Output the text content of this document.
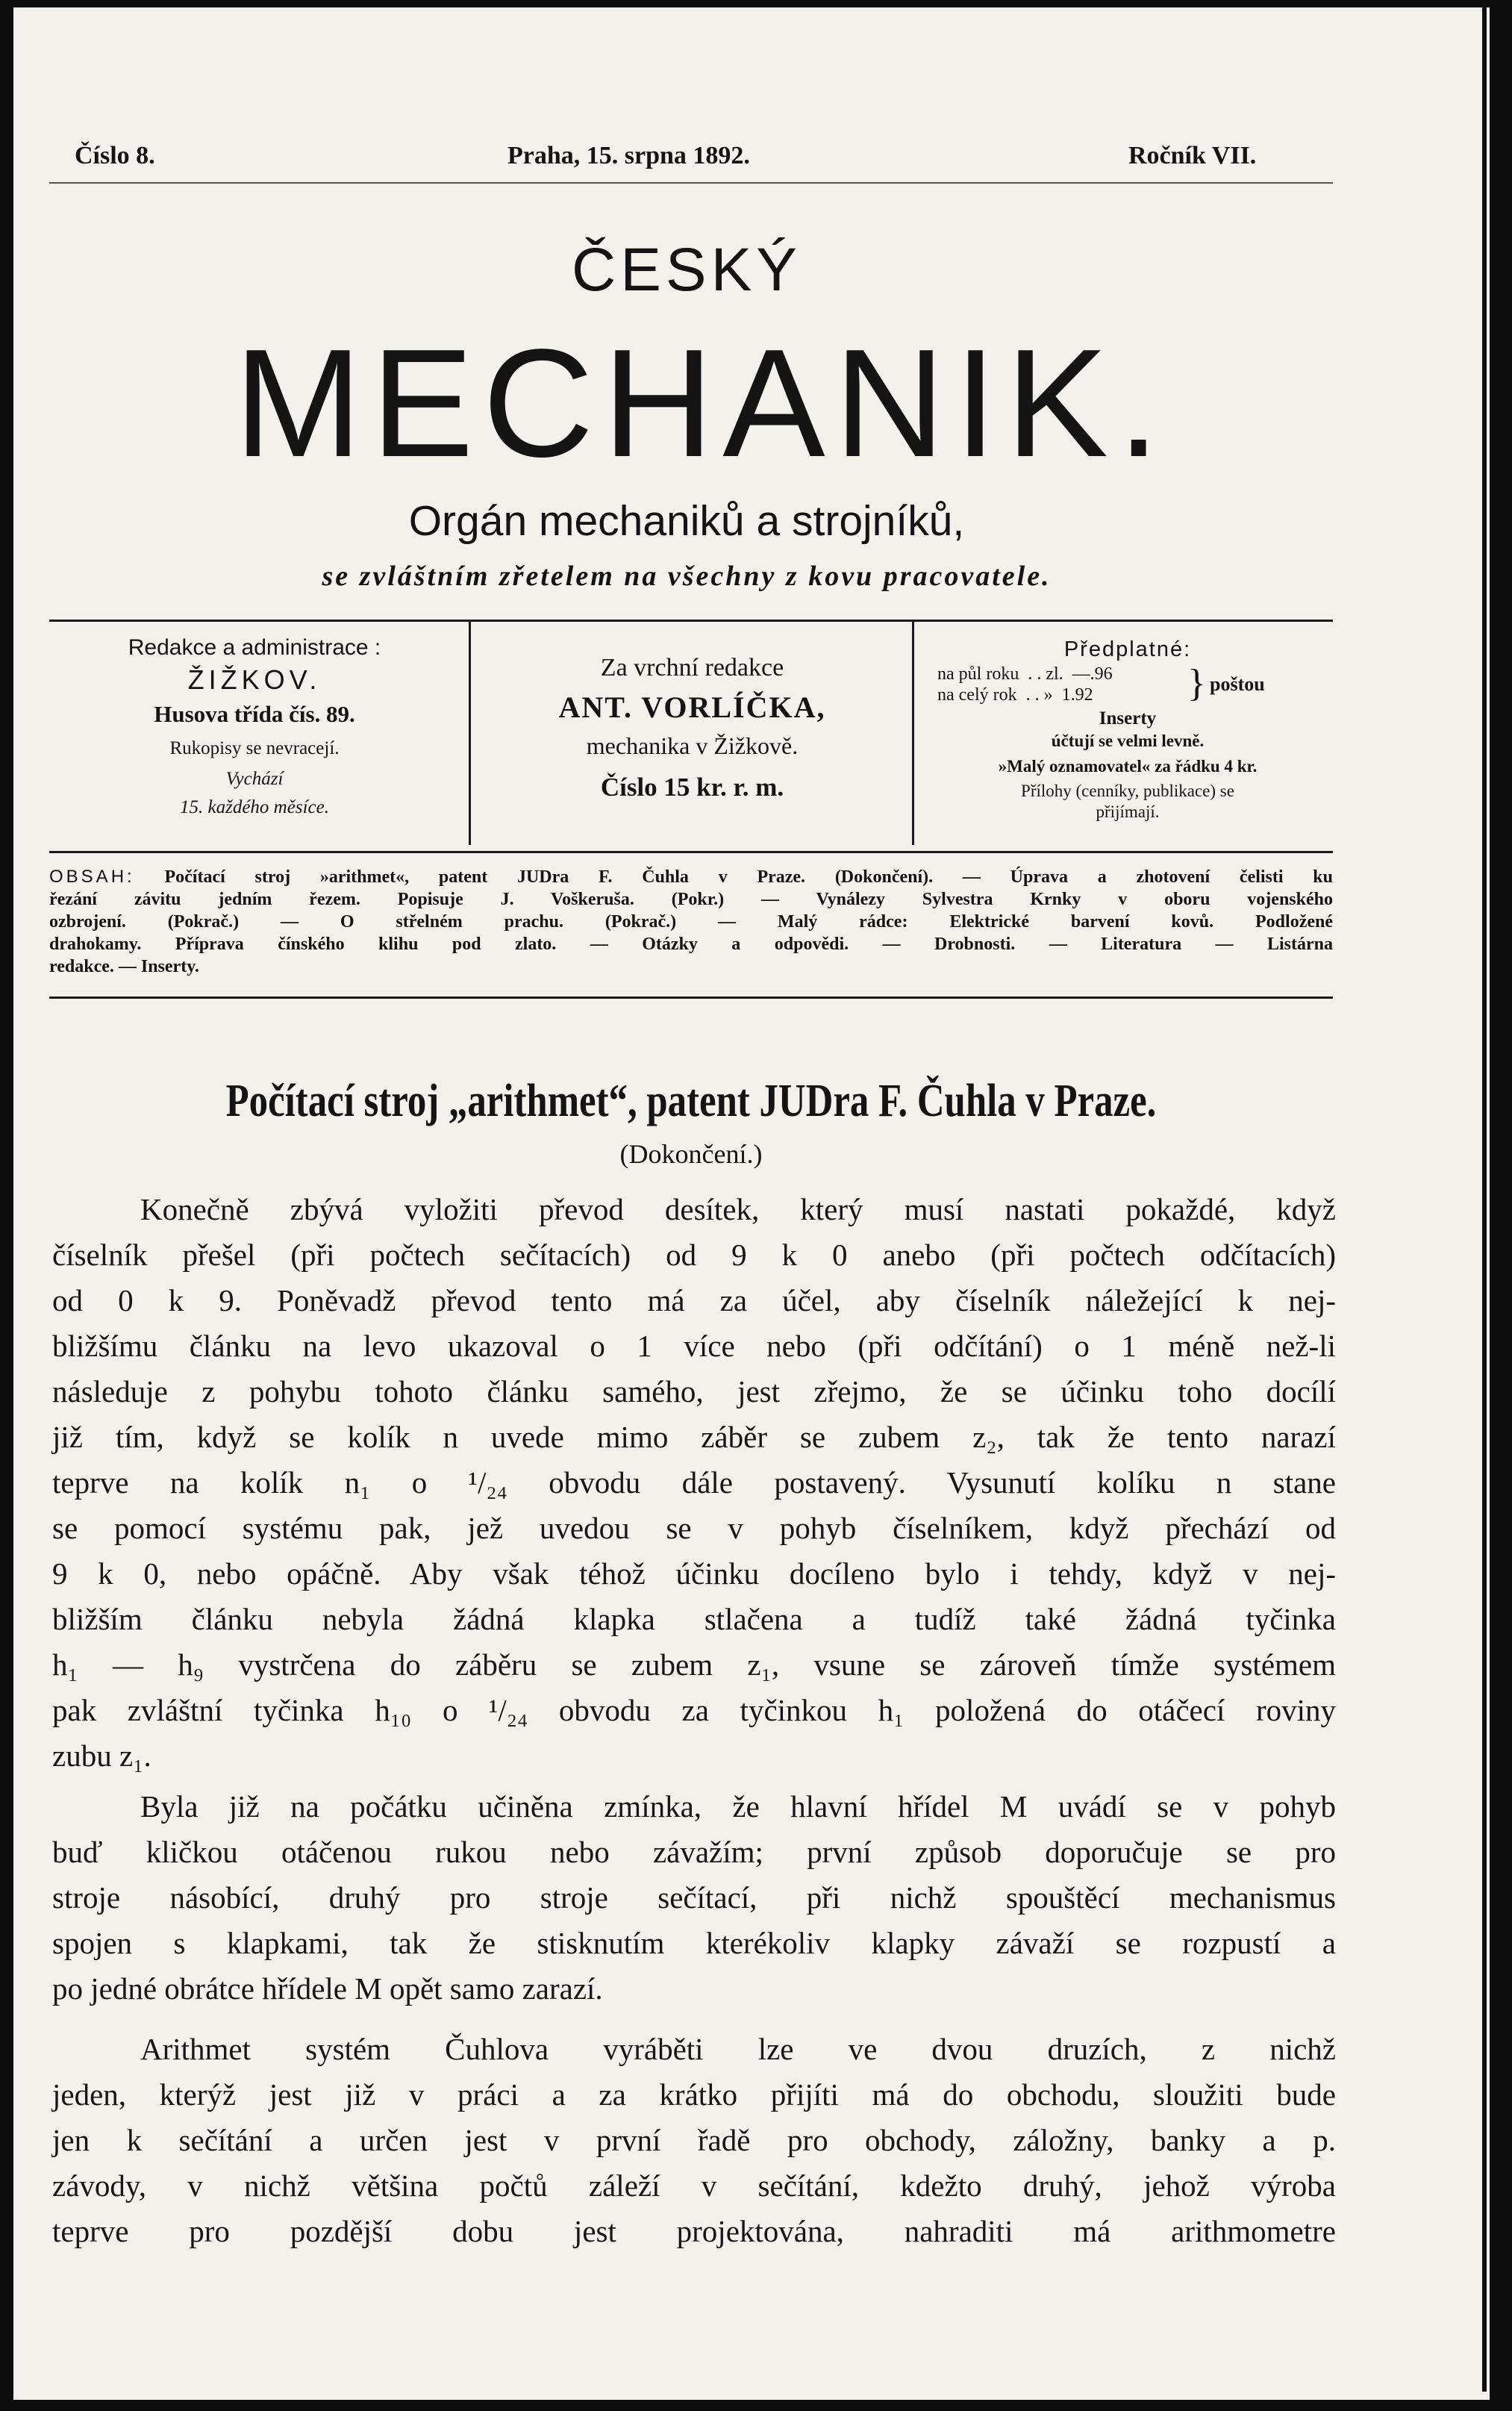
Číslo 8.	Praha, 15. srpna 1892.	Ročník VII.
ČESKÝ
MECHANIK.
Orgán mechaniků a strojníků,
se zvláštním zřetelem na všechny z kovu pracovatele.
Redakce a administrace :
ŽIŽKOV.
Husova třída čís. 89.
Rukopisy se nevracejí.
Vychází
15. každého měsíce.
Za vrchní redakce
ANT. VORLÍČKA,
mechanika v Žižkově.
Číslo 15 kr. r. m.
Předplatné:
na půl roku  . . zl.  —.96
na celý rok  . . »  1.92 } poštou
Inserty
účtují se velmi levně.
»Malý oznamovatel« za řádku 4 kr.
Přílohy (cenníky, publikace) se
přijímají.
OBSAH: Počítací stroj »arithmet«, patent JUDra F. Čuhla v Praze. (Dokončení). — Úprava a zhotovení čelisti ku
řezání závitu jedním řezem. Popisuje J. Voškeruša. (Pokr.) — Vynálezy Sylvestra Krnky v oboru vojenského
ozbrojení. (Pokrač.) — O střelném prachu. (Pokrač.) — Malý rádce: Elektrické barvení kovů. Podložené
drahokamy. Příprava čínského klihu pod zlato. — Otázky a odpovědi. — Drobnosti. — Literatura — Listárna
redakce. — Inserty.
Počítací stroj „arithmet“, patent JUDra F. Čuhla v Praze.
(Dokončení.)
Konečně zbývá vyložiti převod desítek, který musí nastati pokaždé, když
číselník přešel (při počtech sečítacích) od 9 k 0 anebo (při počtech odčítacích)
od 0 k 9. Poněvadž převod tento má za účel, aby číselník náležející k nej-
bližšímu článku na levo ukazoval o 1 více nebo (při odčítání) o 1 méně než-li
následuje z pohybu tohoto článku samého, jest zřejmo, že se účinku toho docílí
již tím, když se kolík n uvede mimo záběr se zubem z₂, tak že tento narazí
teprve na kolík n₁ o ¹/₂₄ obvodu dále postavený. Vysunutí kolíku n stane
se pomocí systému pak, jež uvedou se v pohyb číselníkem, když přechází od
9 k 0, nebo opáčně. Aby však téhož účinku docíleno bylo i tehdy, když v nej-
bližším článku nebyla žádná klapka stlačena a tudíž také žádná tyčinka
h₁ — h₉ vystrčena do záběru se zubem z₁, vsune se zároveň tímže systémem
pak zvláštní tyčinka h₁₀ o ¹/₂₄ obvodu za tyčinkou h₁ položená do otáčecí roviny
zubu z₁.
Byla již na počátku učiněna zmínka, že hlavní hřídel M uvádí se v pohyb
buď kličkou otáčenou rukou nebo závažím; první způsob doporučuje se pro
stroje násobící, druhý pro stroje sečítací, při nichž spouštěcí mechanismus
spojen s klapkami, tak že stisknutím kterékoliv klapky závaží se rozpustí a
po jedné obrátce hřídele M opět samo zarazí.
Arithmet systém Čuhlova vyráběti lze ve dvou druzích, z nichž
jeden, kterýž jest již v práci a za krátko přijíti má do obchodu, sloužiti bude
jen k sečítání a určen jest v první řadě pro obchody, záložny, banky a p.
závody, v nichž většina počtů záleží v sečítání, kdežto druhý, jehož výroba
teprve pro pozdější dobu jest projektována, nahraditi má arithmometre
